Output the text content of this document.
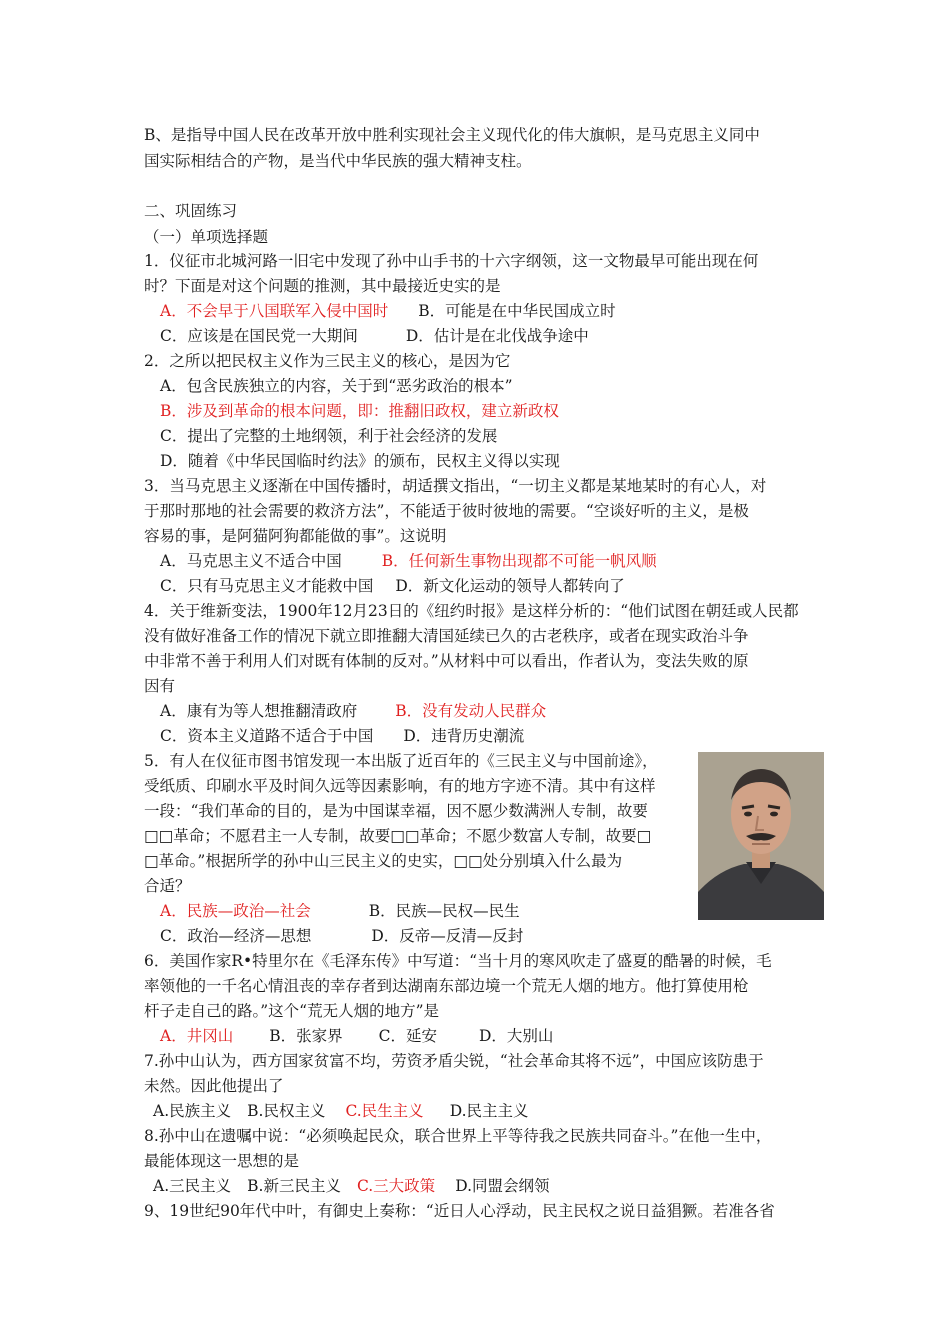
B、是指导中国人民在改革开放中胜利实现社会主义现代化的伟大旗帜，是马克思主义同中
国实际相结合的产物，是当代中华民族的强大精神支柱。
二、巩固练习
（一）单项选择题
1．仪征市北城河路一旧宅中发现了孙中山手书的十六字纲领，这一文物最早可能出现在何
时？下面是对这个问题的推测，其中最接近史实的是
A．不会早于八国联军入侵中国时 B．可能是在中华民国成立时
C．应该是在国民党一大期间	D．估计是在北伐战争途中
2．之所以把民权主义作为三民主义的核心，是因为它
A．包含民族独立的内容，关于到“恶劣政治的根本”
B．涉及到革命的根本问题，即：推翻旧政权，建立新政权
C．提出了完整的土地纲领，利于社会经济的发展
D．随着《中华民国临时约法》的颁布，民权主义得以实现
3．当马克思主义逐渐在中国传播时，胡适撰文指出，“一切主义都是某地某时的有心人，对
于那时那地的社会需要的救济方法”，不能适于彼时彼地的需要。“空谈好听的主义，是极
容易的事，是阿猫阿狗都能做的事”。这说明
A．马克思主义不适合中国	B．任何新生事物出现都不可能一帆风顺
C．只有马克思主义才能救中国 D．新文化运动的领导人都转向了
4．关于维新变法，1900年12月23日的《纽约时报》是这样分析的：“他们试图在朝廷或人民都
没有做好准备工作的情况下就立即推翻大清国延续已久的古老秩序，或者在现实政治斗争
中非常不善于利用人们对既有体制的反对。”从材料中可以看出，作者认为，变法失败的原
因有
A．康有为等人想推翻清政府 B．没有发动人民群众
C．资本主义道路不适合于中国 D．违背历史潮流
5．有人在仪征市图书馆发现一本出版了近百年的《三民主义与中国前途》，
受纸质、印刷水平及时间久远等因素影响，有的地方字迹不清。其中有这样
一段：“我们革命的目的，是为中国谋幸福，因不愿少数满洲人专制，故要
□□革命；不愿君主一人专制，故要□□革命；不愿少数富人专制，故要□
□革命。”根据所学的孙中山三民主义的史实，□□处分别填入什么最为
合适？
A．民族—政治—社会	B．民族—民权—民生
C．政治—经济—思想	D．反帝—反清—反封
6．美国作家R•特里尔在《毛泽东传》中写道：“当十月的寒风吹走了盛夏的酷暑的时候，毛
率领他的一千名心情沮丧的幸存者到达湖南东部边境一个荒无人烟的地方。他打算使用枪
杆子走自己的路。”这个“荒无人烟的地方”是
A．井冈山 B．张家界 C．延安	D．大别山
7.孙中山认为，西方国家贫富不均，劳资矛盾尖锐，“社会革命其将不远”，中国应该防患于
未然。因此他提出了
A.民族主义 B.民权主义 C.民生主义 D.民主主义
8.孙中山在遗嘱中说：“必须唤起民众，联合世界上平等待我之民族共同奋斗。”在他一生中，
最能体现这一思想的是
A.三民主义 B.新三民主义 C.三大政策 D.同盟会纲领
9、19世纪90年代中叶，有御史上奏称：“近日人心浮动，民主民权之说日益猖獗。若准各省
